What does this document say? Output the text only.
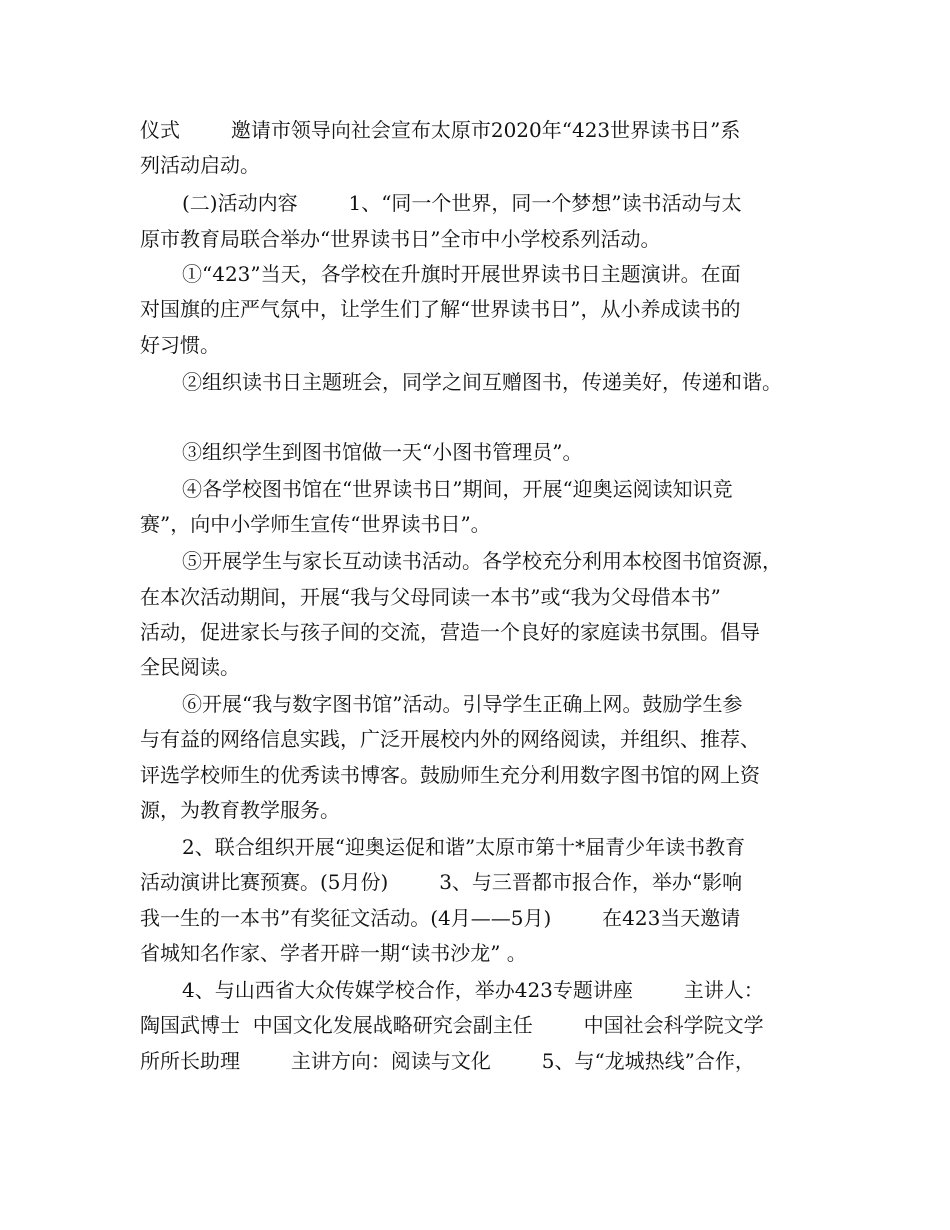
仪式        邀请市领导向社会宣布太原市2020年“423世界读书日”系

列活动启动。

(二)活动内容        1、“同一个世界，同一个梦想”读书活动与太

原市教育局联合举办“世界读书日”全市中小学校系列活动。

①“423”当天，各学校在升旗时开展世界读书日主题演讲。在面

对国旗的庄严气氛中，让学生们了解“世界读书日”，从小养成读书的

好习惯。

②组织读书日主题班会，同学之间互赠图书，传递美好，传递和谐。

③组织学生到图书馆做一天“小图书管理员”。

④各学校图书馆在“世界读书日”期间，开展“迎奥运阅读知识竞

赛”，向中小学师生宣传“世界读书日”。

⑤开展学生与家长互动读书活动。各学校充分利用本校图书馆资源，

在本次活动期间，开展“我与父母同读一本书”或“我为父母借本书”

活动，促进家长与孩子间的交流，营造一个良好的家庭读书氛围。倡导

全民阅读。

⑥开展“我与数字图书馆”活动。引导学生正确上网。鼓励学生参

与有益的网络信息实践，广泛开展校内外的网络阅读，并组织、推荐、

评选学校师生的优秀读书博客。鼓励师生充分利用数字图书馆的网上资

源，为教育教学服务。

2、联合组织开展“迎奥运促和谐”太原市第十*届青少年读书教育

活动演讲比赛预赛。(5月份)        3、与三晋都市报合作，举办“影响

我一生的一本书”有奖征文活动。(4月——5月)        在423当天邀请

省城知名作家、学者开辟一期“读书沙龙” 。

4、与山西省大众传媒学校合作，举办423专题讲座        主讲人：

陶国武博士  中国文化发展战略研究会副主任        中国社会科学院文学

所所长助理        主讲方向：阅读与文化        5、与“龙城热线”合作，
